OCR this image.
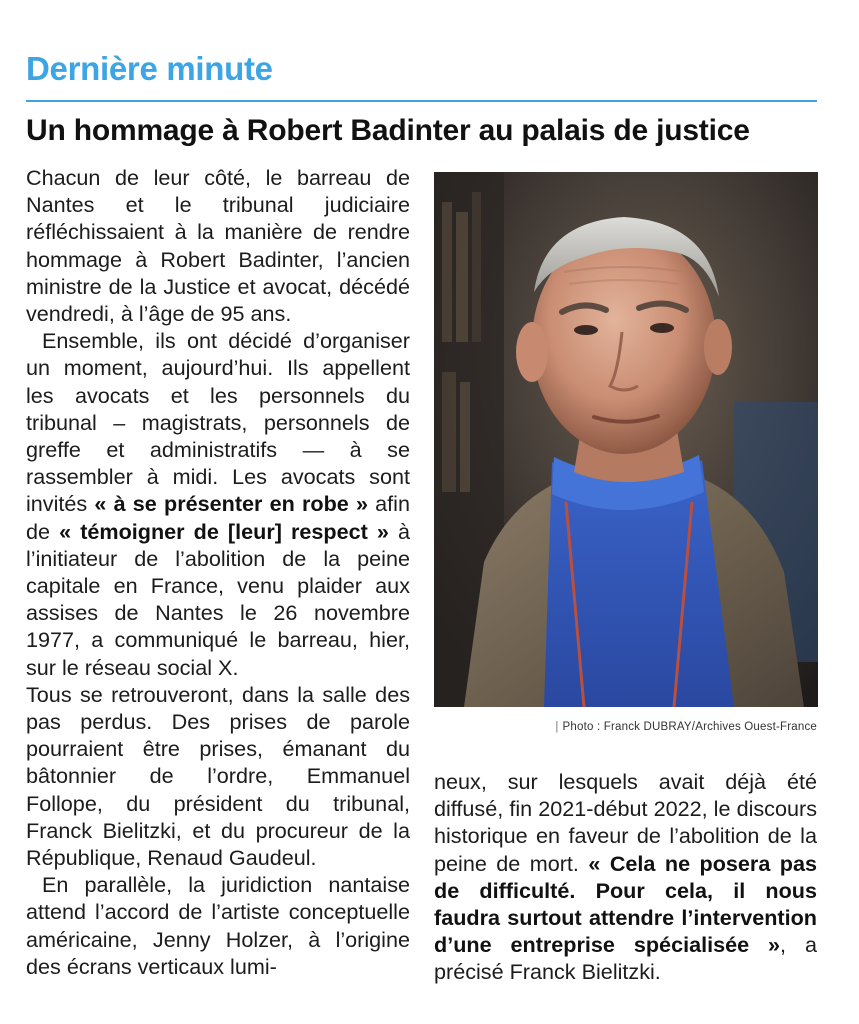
Dernière minute
Un hommage à Robert Badinter au palais de justice

Chacun de leur côté, le barreau de Nantes et le tribunal judiciaire réfléchissaient à la manière de rendre hommage à Robert Badinter, l’ancien ministre de la Justice et avocat, décédé vendredi, à l’âge de 95 ans.

Ensemble, ils ont décidé d’organiser un moment, aujourd’hui. Ils appellent les avocats et les personnels du tribunal – magistrats, personnels de greffe et administratifs — à se rassembler à midi. Les avocats sont invités « à se présenter en robe » afin de « témoigner de [leur] respect » à l’initiateur de l’abolition de la peine capitale en France, venu plaider aux assises de Nantes le 26 novembre 1977, a communiqué le barreau, hier, sur le réseau social X.

Tous se retrouveront, dans la salle des pas perdus. Des prises de parole pourraient être prises, émanant du bâtonnier de l’ordre, Emmanuel Follope, du président du tribunal, Franck Bielitzki, et du procureur de la République, Renaud Gaudeul.

En parallèle, la juridiction nantaise attend l’accord de l’artiste conceptuelle américaine, Jenny Holzer, à l’origine des écrans verticaux lumi-

| Photo : Franck DUBRAY/Archives Ouest-France

neux, sur lesquels avait déjà été diffusé, fin 2021-début 2022, le discours historique en faveur de l’abolition de la peine de mort. « Cela ne posera pas de difficulté. Pour cela, il nous faudra surtout attendre l’intervention d’une entreprise spécialisée », a précisé Franck Bielitzki.
